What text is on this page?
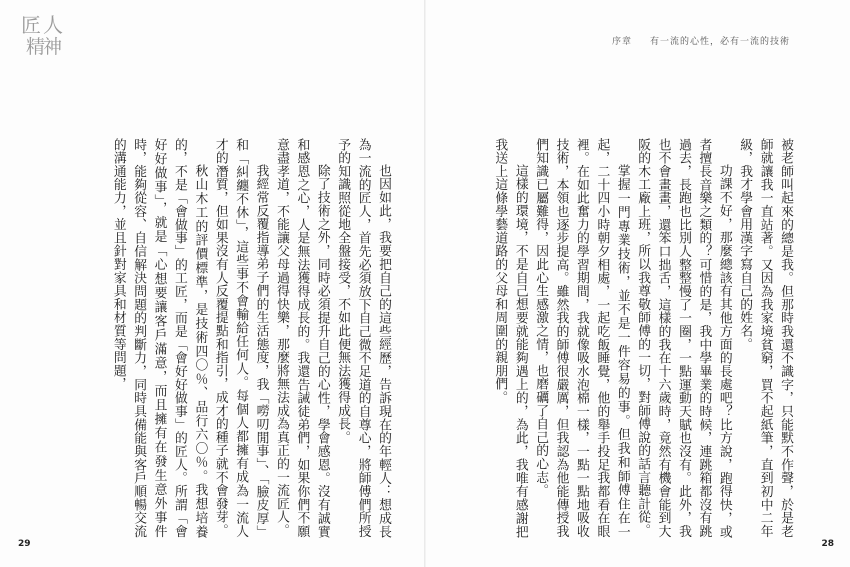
匠人
精神	序章 有一流的心性，必有一流的技術

被老師叫起來的總是我。但那時我還不識字，只能默不作聲，於是老師就讓我一直站著。又因為我家境貧窮，買不起紙筆，直到初中二年級，我才學會用漢字寫自己的姓名。

功課不好，那麼總該有其他方面的長處吧？比方說，跑得快，或者擅長音樂之類的？可惜的是，我中學畢業的時候，連跳箱都沒有跳過去，長跑也比別人整整慢了一圈，一點運動天賦也沒有。此外，我也不會畫畫，還笨口拙舌，這樣的我在十六歲時，竟然有機會能到大阪的木工廠上班，所以我尊敬師傅的一切，對師傅說的話言聽計從。

掌握一門專業技術，並不是一件容易的事。但我和師傅住在一起，二十四小時朝夕相處，一起吃飯睡覺，他的舉手投足我都看在眼裡。在如此奮力的學習期間，我就像吸水泡棉一樣，一點一點地吸收技術，本領也逐步提高。雖然我的師傅很嚴厲，但我認為他能傳授我們知識已屬難得，因此心生感激之情，也磨礪了自己的心志。

這樣的環境，不是自己想要就能夠遇上的，為此，我唯有感謝把我送上這條學藝道路的父母和周圍的親朋們。

也因如此，我要把自己的這些經歷，告訴現在的年輕人：想成長為一流的匠人，首先必須放下自己微不足道的自尊心，將師傅們所授予的知識照從地全盤接受，不如此便無法獲得成長。

除了技術之外，同時必須提升自己的心性，學會感恩。沒有誠實和感恩之心，人是無法獲得成長的。我還告誡徒弟們，如果你們不願意盡孝道，不能讓父母過得快樂，那麼將無法成為真正的一流匠人。

我經常反覆指導弟子們的生活態度，我「嘮叨閒事」、「臉皮厚」和「糾纏不休」，這些事不會輸給任何人。每個人都擁有成為一流人才的潛質，但如果沒有人反覆提點和指引，成才的種子就不會發芽。

秋山木工的評價標準，是技術四〇％、品行六〇％。我想培養的，不是「會做事」的工匠，而是「會好好做事」的匠人。所謂「會好好做事」，就是「心想要讓客戶滿意，而且擁有在發生意外事件時，能夠從容、自信解決問題的判斷力，同時具備能與客戶順暢交流的溝通能力，並且針對家具和材質等問題，

29	28
